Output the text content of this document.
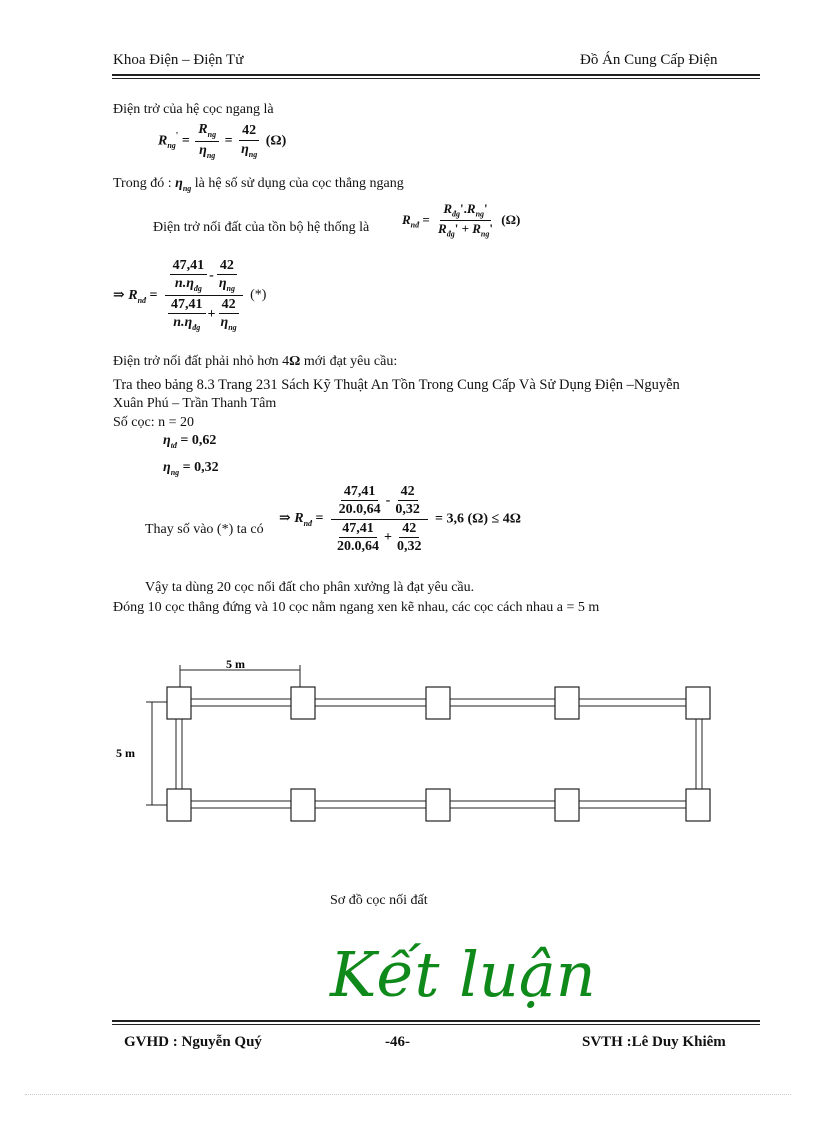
Khoa Điện – Điện Tử	Đồ Án Cung Cấp Điện
Điện trở của hệ cọc ngang là
$R_{ng}' = \frac{R_{ng}}{\eta_{ng}} = \frac{42}{\eta_{ng}} (\Omega)$
Trong đó : $\eta_{ng}$ là hệ số sử dụng của cọc thẳng ngang
Điện trở nối đất của tồn bộ hệ thống là
$R_{nđ} = \frac{R_{đg}'.R_{ng}'}{R_{đg}' + R_{ng}'} (\Omega)$
⇒ $R_{nđ} = \frac{\frac{47,41}{n.\eta_{đg}} - \frac{42}{\eta_{ng}}}{\frac{47,41}{n.\eta_{đg}} + \frac{42}{\eta_{ng}}}$ (*)
Điện trở nối đất phải nhỏ hơn 4Ω mới đạt yêu cầu:
Tra theo bảng 8.3 Trang 231 Sách Kỹ Thuật An Tồn Trong Cung Cấp Và Sử Dụng Điện –Nguyễn
Xuân Phú – Trần Thanh Tâm
Số cọc: n = 20
$\eta_{tđ} = 0,62$
$\eta_{ng} = 0,32$
Thay số vào (*) ta có
⇒ $R_{nđ} = \frac{\frac{47,41}{20.0,64} - \frac{42}{0,32}}{\frac{47,41}{20.0,64} + \frac{42}{0,32}} = 3,6$ (Ω) ≤ 4Ω
Vậy ta dùng 20 cọc nối đất cho phân xưởng là đạt yêu cầu.
Đóng 10 cọc thẳng đứng và 10 cọc nằm ngang xen kẽ nhau, các cọc cách nhau a = 5 m
5 m
5 m
Sơ đồ cọc nối đất
Kết luận
GVHD : Nguyễn Quý	-46-	SVTH :Lê Duy Khiêm
